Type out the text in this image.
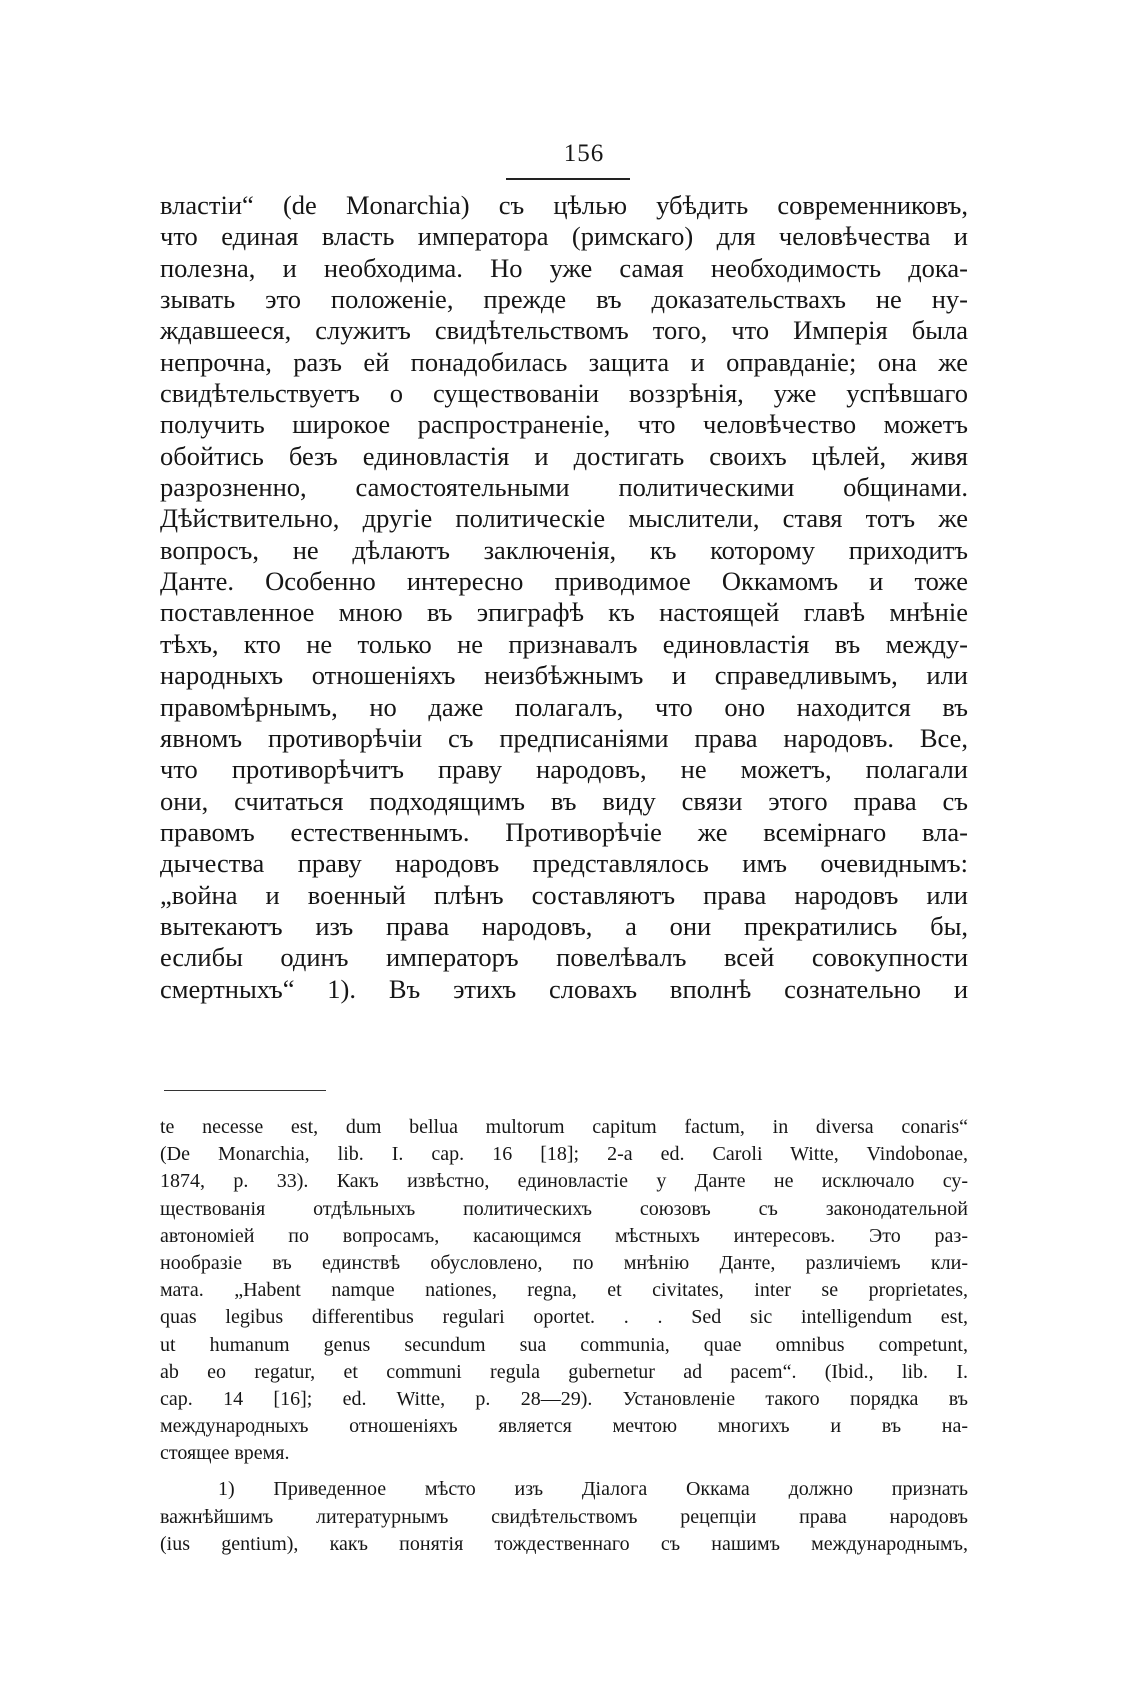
156
властіи“ (de Monarchia) съ цѣлью убѣдить современниковъ,
что единая власть императора (римскаго) для человѣчества и
полезна, и необходима. Но уже самая необходимость дока-
зывать это положеніе, прежде въ доказательствахъ не ну-
ждавшееся, служитъ свидѣтельствомъ того, что Имперія была
непрочна, разъ ей понадобилась защита и оправданіе; она же
свидѣтельствуетъ о существованіи воззрѣнія, уже успѣвшаго
получить широкое распространеніе, что человѣчество можетъ
обойтись безъ единовластія и достигать своихъ цѣлей, живя
разрозненно, самостоятельными политическими общинами.
Дѣйствительно, другіе политическіе мыслители, ставя тотъ же
вопросъ, не дѣлаютъ заключенія, къ которому приходитъ
Данте. Особенно интересно приводимое Оккамомъ и тоже
поставленное мною въ эпиграфѣ къ настоящей главѣ мнѣніе
тѣхъ, кто не только не признавалъ единовластія въ между-
народныхъ отношеніяхъ неизбѣжнымъ и справедливымъ, или
правомѣрнымъ, но даже полагалъ, что оно находится въ
явномъ противорѣчіи съ предписаніями права народовъ. Все,
что противорѣчитъ праву народовъ, не можетъ, полагали
они, считаться подходящимъ въ виду связи этого права съ
правомъ естественнымъ. Противорѣчіе же всемірнаго вла-
дычества праву народовъ представлялось имъ очевиднымъ:
„война и военный плѣнъ составляютъ права народовъ или
вытекаютъ изъ права народовъ, а они прекратились бы,
еслибы одинъ императоръ повелѣвалъ всей совокупности
смертныхъ“ 1). Въ этихъ словахъ вполнѣ сознательно и
te necesse est, dum bellua multorum capitum factum, in diversa conaris“
(De Monarchia, lib. I. cap. 16 [18]; 2-a ed. Caroli Witte, Vindobonae,
1874, p. 33). Какъ извѣстно, единовластіе у Данте не исключало су-
ществованія отдѣльныхъ политическихъ союзовъ съ законодательной
автономіей по вопросамъ, касающимся мѣстныхъ интересовъ. Это раз-
нообразіе въ единствѣ обусловлено, по мнѣнію Данте, различіемъ кли-
мата. „Habent namque nationes, regna, et civitates, inter se proprietates,
quas legibus differentibus regulari oportet. . . Sed sic intelligendum est,
ut humanum genus secundum sua communia, quae omnibus competunt,
ab eo regatur, et communi regula gubernetur ad pacem“. (Ibid., lib. I.
cap. 14 [16]; ed. Witte, p. 28—29). Установленіе такого порядка въ
международныхъ отношеніяхъ является мечтою многихъ и въ на-
стоящее время.
1) Приведенное мѣсто изъ Діалога Оккама должно признать
важнѣйшимъ литературнымъ свидѣтельствомъ рецепціи права народовъ
(ius gentium), какъ понятія тождественнаго съ нашимъ международнымъ,
